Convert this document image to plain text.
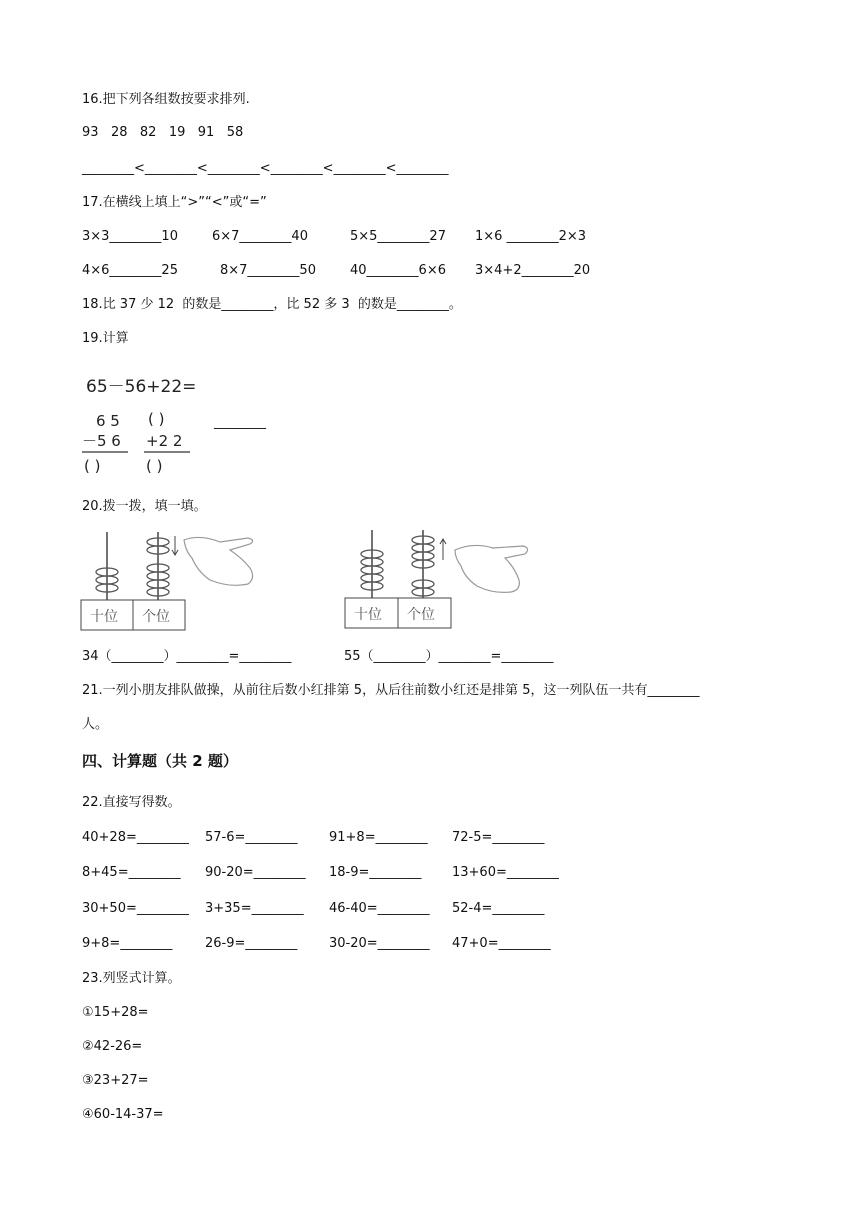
16.把下列各组数按要求排列.
93   28   82   19   91   58
________<________<________<________<________<________
17.在横线上填上“>”“<”或“=”
3×3________10	6×7________40	5×5________27 1×6 ________2×3
4×6________25	8×7________50	40________6×6 3×4+2________20
18.比 37 少 12  的数是________，比 52 多 3  的数是________。
19.计算
65－56+22=
6 5
－5 6
( )
( )
+2 2
( )
________
20.拨一拨，填一填。
十位 个位	十位 个位
34（________）________=________	55（________）________=________
21.一列小朋友排队做操，从前往后数小红排第 5，从后往前数小红还是排第 5，这一列队伍一共有________
人。
四、计算题（共 2 题）
22.直接写得数。
40+28=________ 57-6=________ 91+8=________ 72-5=________
8+45=________ 90-20=________ 18-9=________ 13+60=________
30+50=________ 3+35=________ 46-40=________ 52-4=________
9+8=________	26-9=________ 30-20=________ 47+0=________
23.列竖式计算。
①15+28=
②42-26=
③23+27=
④60-14-37=
